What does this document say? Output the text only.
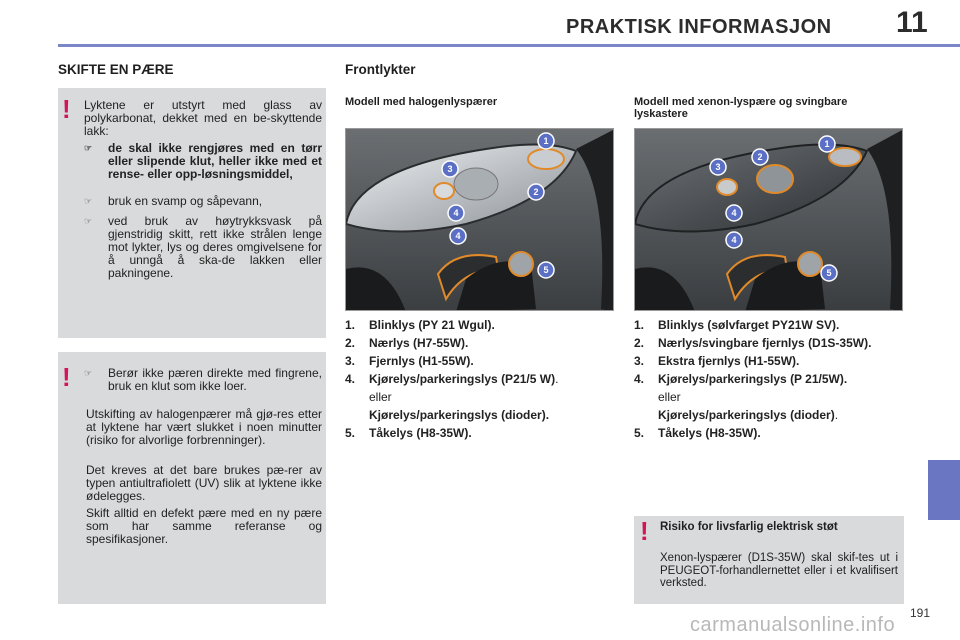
PRAKTISK INFORMASJON 11
SKIFTE EN PÆRE
! Lyktene er utstyrt med glass av polykarbonat, dekket med en be-skyttende lakk:
☞	de skal ikke rengjøres med en tørr eller slipende klut, heller ikke med et rense- eller opp-løsningsmiddel,
☞	bruk en svamp og såpevann,
☞	ved bruk av høytrykksvask på gjenstridig skitt, rett ikke strålen lenge mot lykter, lys og deres omgivelsene for å unngå å ska-de lakken eller pakningene.
! ☞	Berør ikke pæren direkte med fingrene, bruk en klut som ikke loer.
Utskifting av halogenpærer må gjø-res etter at lyktene har vært slukket i noen minutter (risiko for alvorlige forbrenninger).
Det kreves at det bare brukes pæ-rer av typen antiultrafiolett (UV) slik at lyktene ikke ødelegges.
Skift alltid en defekt pære med en ny pære som har samme referanse og spesifikasjoner.
Frontlykter
Modell med halogenlyspærer	Modell med xenon-lyspære og svingbare lyskastere
1
2
3
4
4
5
1
2
3
4
4
5
1. Blinklys (PY 21 Wgul).
2. Nærlys (H7-55W).
3. Fjernlys (H1-55W).
4. Kjørelys/parkeringslys (P21/5 W).
eller
Kjørelys/parkeringslys (dioder).
5. Tåkelys (H8-35W).
1. Blinklys (sølvfarget PY21W SV).
2. Nærlys/svingbare fjernlys (D1S-35W).
3. Ekstra fjernlys (H1-55W).
4. Kjørelys/parkeringslys (P 21/5W).
eller
Kjørelys/parkeringslys (dioder).
5. Tåkelys (H8-35W).
! Risiko for livsfarlig elektrisk støt
Xenon-lyspærer (D1S-35W) skal skif-tes ut i PEUGEOT-forhandlernettet eller i et kvalifisert verksted.
191
carmanualsonline.info
